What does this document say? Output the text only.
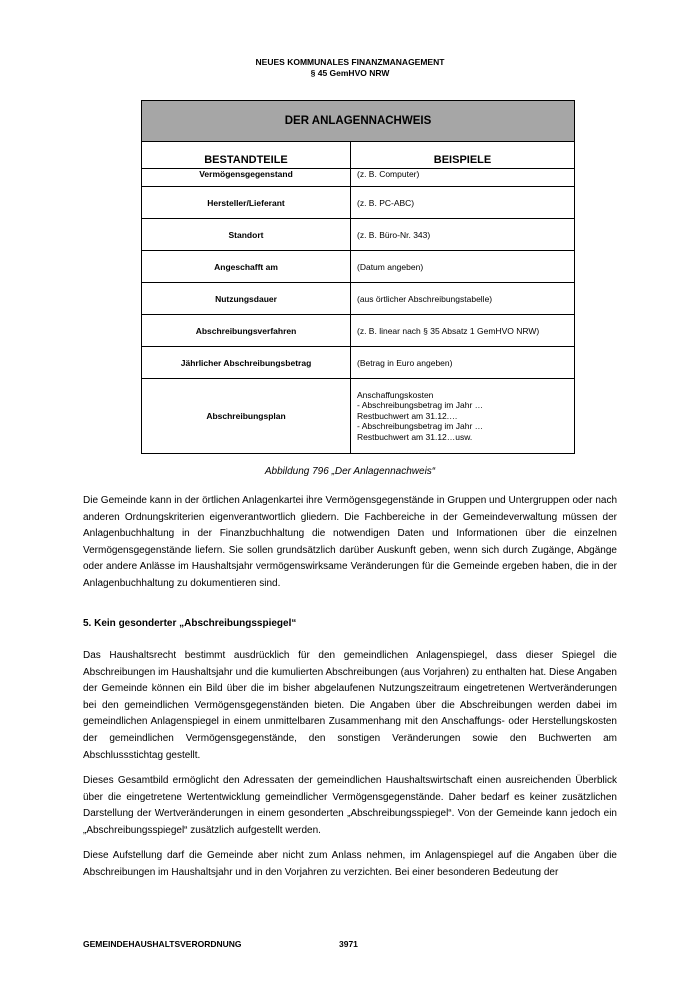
NEUES KOMMUNALES FINANZMANAGEMENT
§ 45 GemHVO NRW
DER ANLAGENNACHWEIS	
BESTANDTEILE	BEISPIELE
Vermögensgegenstand	(z. B. Computer)
Hersteller/Lieferant	(z. B. PC-ABC)
Standort	(z. B. Büro-Nr. 343)
Angeschafft am	(Datum angeben)
Nutzungsdauer	(aus örtlicher Abschreibungstabelle)
Abschreibungsverfahren	(z. B. linear nach § 35 Absatz 1 GemHVO NRW)
Jährlicher Abschreibungsbetrag	(Betrag in Euro angeben)
Abschreibungsplan	Anschaffungskosten
- Abschreibungsbetrag im Jahr …
Restbuchwert am 31.12.…
- Abschreibungsbetrag im Jahr …
Restbuchwert am 31.12…usw.
Abbildung 796 „Der Anlagennachweis“

Die Gemeinde kann in der örtlichen Anlagenkartei ihre Vermögensgegenstände in Gruppen und Untergruppen oder nach anderen Ordnungskriterien eigenverantwortlich gliedern. Die Fachbereiche in der Gemeindeverwaltung müssen der Anlagenbuchhaltung in der Finanzbuchhaltung die notwendigen Daten und Informationen über die einzelnen Vermögensgegenstände liefern. Sie sollen grundsätzlich darüber Auskunft geben, wenn sich durch Zugänge, Abgänge oder andere Anlässe im Haushaltsjahr vermögenswirksame Veränderungen für die Gemeinde ergeben haben, die in der Anlagenbuchhaltung zu dokumentieren sind.

5. Kein gesonderter „Abschreibungsspiegel“

Das Haushaltsrecht bestimmt ausdrücklich für den gemeindlichen Anlagenspiegel, dass dieser Spiegel die Abschreibungen im Haushaltsjahr und die kumulierten Abschreibungen (aus Vorjahren) zu enthalten hat. Diese Angaben der Gemeinde können ein Bild über die im bisher abgelaufenen Nutzungszeitraum eingetretenen Wertveränderungen bei den gemeindlichen Vermögensgegenständen bieten. Die Angaben über die Abschreibungen werden dabei im gemeindlichen Anlagenspiegel in einem unmittelbaren Zusammenhang mit den Anschaffungs- oder Herstellungskosten der gemeindlichen Vermögensgegenstände, den sonstigen Veränderungen sowie den Buchwerten am Abschlussstichtag gestellt.

Dieses Gesamtbild ermöglicht den Adressaten der gemeindlichen Haushaltswirtschaft einen ausreichenden Überblick über die eingetretene Wertentwicklung gemeindlicher Vermögensgegenstände. Daher bedarf es keiner zusätzlichen Darstellung der Wertveränderungen in einem gesonderten „Abschreibungsspiegel“. Von der Gemeinde kann jedoch ein „Abschreibungsspiegel“ zusätzlich aufgestellt werden.

Diese Aufstellung darf die Gemeinde aber nicht zum Anlass nehmen, im Anlagenspiegel auf die Angaben über die Abschreibungen im Haushaltsjahr und in den Vorjahren zu verzichten. Bei einer besonderen Bedeutung der

GEMEINDEHAUSHALTSVERORDNUNG	3971
